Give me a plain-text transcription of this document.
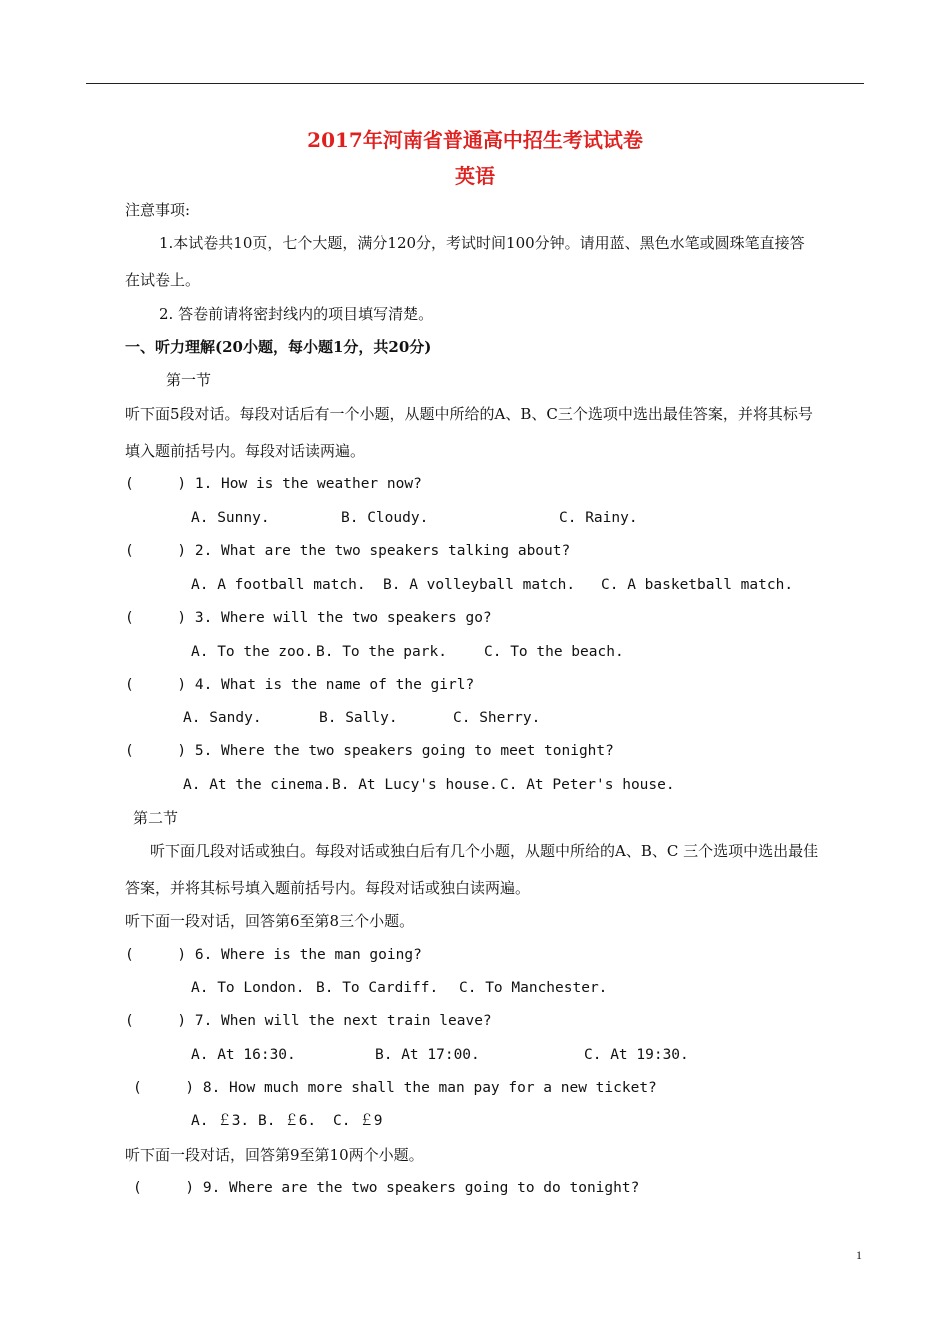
2017年河南省普通高中招生考试试卷
英语
注意事项:
1.本试卷共10页，七个大题，满分120分，考试时间100分钟。请用蓝、黑色水笔或圆珠笔直接答
在试卷上。
2. 答卷前请将密封线内的项目填写清楚。
一、听力理解(20小题，每小题1分，共20分)
第一节
听下面5段对话。每段对话后有一个小题，从题中所给的A、B、C三个选项中选出最佳答案，并将其标号
填入题前括号内。每段对话读两遍。
(     ) 1. How is the weather now?
A. Sunny.	B. Cloudy.	C. Rainy.
(     ) 2. What are the two speakers talking about?
A. A football match. B. A volleyball match. C. A basketball match.
(     ) 3. Where will the two speakers go?
A. To the zoo. B. To the park.	C. To the beach.
(     ) 4. What is the name of the girl?
A. Sandy.	B. Sally.	C. Sherry.
(     ) 5. Where the two speakers going to meet tonight?
A. At the cinema. B. At Lucy's house. C. At Peter's house.
第二节
听下面几段对话或独白。每段对话或独白后有几个小题，从题中所给的A、B、C 三个选项中选出最佳
答案，并将其标号填入题前括号内。每段对话或独白读两遍。
听下面一段对话，回答第6至第8三个小题。
(     ) 6. Where is the man going?
A. To London. B. To Cardiff. C. To Manchester.
(     ) 7. When will the next train leave?
A. At 16:30.	B. At 17:00.	C. At 19:30.
(     ) 8. How much more shall the man pay for a new ticket?
A. ￡3. B. ￡6. C. ￡9
听下面一段对话，回答第9至第10两个小题。
(     ) 9. Where are the two speakers going to do tonight?
1
